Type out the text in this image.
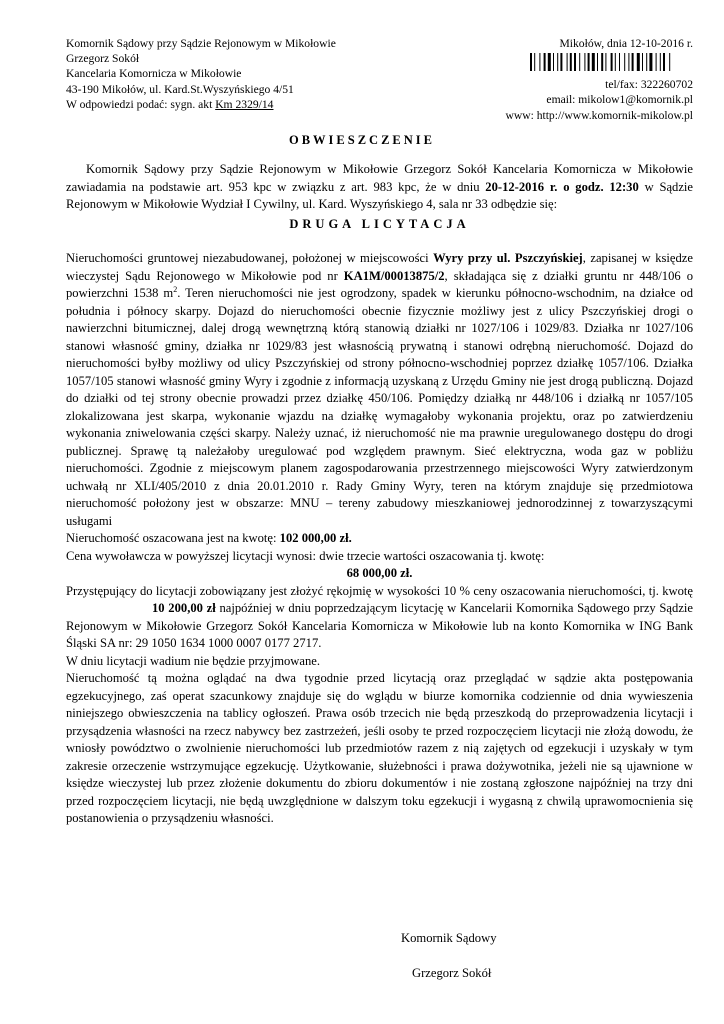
Komornik Sądowy przy Sądzie Rejonowym w Mikołowie
Grzegorz Sokół
Kancelaria Komornicza w Mikołowie
43-190 Mikołów, ul. Kard.St.Wyszyńskiego 4/51
W odpowiedzi podać: sygn. akt Km 2329/14
Mikołów, dnia 12-10-2016 r.
tel/fax: 322260702
email: mikolow1@komornik.pl
www: http://www.komornik-mikolow.pl
OBWIESZCZENIE

Komornik Sądowy przy Sądzie Rejonowym w Mikołowie Grzegorz Sokół Kancelaria Komornicza w Mikołowie zawiadamia na podstawie art. 953 kpc w związku z art. 983 kpc, że w dniu 20-12-2016 r. o godz. 12:30 w Sądzie Rejonowym w Mikołowie Wydział I Cywilny, ul. Kard. Wyszyńskiego 4, sala nr 33 odbędzie się:

DRUGA LICYTACJA

Nieruchomości gruntowej niezabudowanej, położonej w miejscowości Wyry przy ul. Pszczyńskiej, zapisanej w księdze wieczystej Sądu Rejonowego w Mikołowie pod nr KA1M/00013875/2, składająca się z działki gruntu nr 448/106 o powierzchni 1538 $m^2$. Teren nieruchomości nie jest ogrodzony, spadek w kierunku północno-wschodnim, na działce od południa i północy skarpy. Dojazd do nieruchomości obecnie fizycznie możliwy jest z ulicy Pszczyńskiej drogi o nawierzchni bitumicznej, dalej drogą wewnętrzną którą stanowią działki nr 1027/106 i 1029/83. Działka nr 1027/106 stanowi własność gminy, działka nr 1029/83 jest własnością prywatną i stanowi odrębną nieruchomość. Dojazd do nieruchomości byłby możliwy od ulicy Pszczyńskiej od strony północno-wschodniej poprzez działkę 1057/106. Działka 1057/105 stanowi własność gminy Wyry i zgodnie z informacją uzyskaną z Urzędu Gminy nie jest drogą publiczną. Dojazd do działki od tej strony obecnie prowadzi przez działkę 450/106. Pomiędzy działką nr 448/106 i działką nr 1057/105 zlokalizowana jest skarpa, wykonanie wjazdu na działkę wymagałoby wykonania projektu, oraz po zatwierdzeniu wykonania zniwelowania części skarpy. Należy uznać, iż nieruchomość nie ma prawnie uregulowanego dostępu do drogi publicznej. Sprawę tą należałoby uregulować pod względem prawnym. Sieć elektryczna, woda gaz w pobliżu nieruchomości. Zgodnie z miejscowym planem zagospodarowania przestrzennego miejscowości Wyry zatwierdzonym uchwałą nr XLI/405/2010 z dnia 20.01.2010 r. Rady Gminy Wyry, teren na którym znajduje się przedmiotowa nieruchomość położony jest w obszarze: MNU – tereny zabudowy mieszkaniowej jednorodzinnej z towarzyszącymi usługami

Nieruchomość oszacowana jest na kwotę: 102 000,00 zł.

Cena wywoławcza w powyższej licytacji wynosi: dwie trzecie wartości oszacowania tj. kwotę:

68 000,00 zł.

Przystępujący do licytacji zobowiązany jest złożyć rękojmię w wysokości 10 % ceny oszacowania nieruchomości, tj. kwotę10 200,00 zł najpóźniej w dniu poprzedzającym licytację w Kancelarii Komornika Sądowego przy Sądzie Rejonowym w Mikołowie Grzegorz Sokół Kancelaria Komornicza w Mikołowie lub na konto Komornika w ING Bank Śląski SA nr: 29 1050 1634 1000 0007 0177 2717.

W dniu licytacji wadium nie będzie przyjmowane.

Nieruchomość tą można oglądać na dwa tygodnie przed licytacją oraz przeglądać w sądzie akta postępowania egzekucyjnego, zaś operat szacunkowy znajduje się do wglądu w biurze komornika codziennie od dnia wywieszenia niniejszego obwieszczenia na tablicy ogłoszeń. Prawa osób trzecich nie będą przeszkodą do przeprowadzenia licytacji i przysądzenia własności na rzecz nabywcy bez zastrzeżeń, jeśli osoby te przed rozpoczęciem licytacji nie złożą dowodu, że wniosły powództwo o zwolnienie nieruchomości lub przedmiotów razem z nią zajętych od egzekucji i uzyskały w tym zakresie orzeczenie wstrzymujące egzekucję. Użytkowanie, służebności i prawa dożywotnika, jeżeli nie są ujawnione w księdze wieczystej lub przez złożenie dokumentu do zbioru dokumentów i nie zostaną zgłoszone najpóźniej na trzy dni przed rozpoczęciem licytacji, nie będą uwzględnione w dalszym toku egzekucji i wygasną z chwilą uprawomocnienia się postanowienia o przysądzeniu własności.

Komornik Sądowy
Grzegorz Sokół
